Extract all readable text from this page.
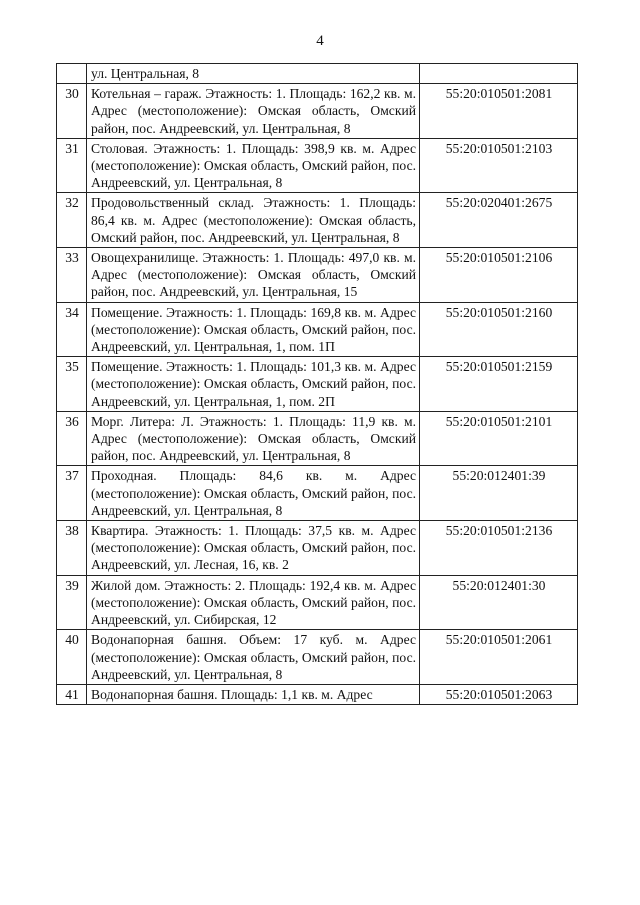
4
	ул. Центральная, 8	
30	Котельная – гараж. Этажность: 1. Площадь: 162,2 кв. м. Адрес (местоположение): Омская область, Омский район, пос. Андреевский, ул. Центральная, 8	55:20:010501:2081
31	Столовая. Этажность: 1. Площадь: 398,9 кв. м. Адрес (местоположение): Омская область, Омский район, пос. Андреевский, ул. Центральная, 8	55:20:010501:2103
32	Продовольственный склад. Этажность: 1. Площадь: 86,4 кв. м. Адрес (местоположение): Омская область, Омский район, пос. Андреевский, ул. Центральная, 8	55:20:020401:2675
33	Овощехранилище. Этажность: 1. Площадь: 497,0 кв. м. Адрес (местоположение): Омская область, Омский район, пос. Андреевский, ул. Центральная, 15	55:20:010501:2106
34	Помещение. Этажность: 1. Площадь: 169,8 кв. м. Адрес (местоположение): Омская область, Омский район, пос. Андреевский, ул. Центральная, 1, пом. 1П	55:20:010501:2160
35	Помещение. Этажность: 1. Площадь: 101,3 кв. м. Адрес (местоположение): Омская область, Омский район, пос. Андреевский, ул. Центральная, 1, пом. 2П	55:20:010501:2159
36	Морг. Литера: Л. Этажность: 1. Площадь: 11,9 кв. м. Адрес (местоположение): Омская область, Омский район, пос. Андреевский, ул. Центральная, 8	55:20:010501:2101
37	Проходная. Площадь: 84,6 кв. м. Адрес (местоположение): Омская область, Омский район, пос. Андреевский, ул. Центральная, 8	55:20:012401:39
38	Квартира. Этажность: 1. Площадь: 37,5 кв. м. Адрес (местоположение): Омская область, Омский район, пос. Андреевский, ул. Лесная, 16, кв. 2	55:20:010501:2136
39	Жилой дом. Этажность: 2. Площадь: 192,4 кв. м. Адрес (местоположение): Омская область, Омский район, пос. Андреевский, ул. Сибирская, 12	55:20:012401:30
40	Водонапорная башня. Объем: 17 куб. м. Адрес (местоположение): Омская область, Омский район, пос. Андреевский, ул. Центральная, 8	55:20:010501:2061
41	Водонапорная башня. Площадь: 1,1 кв. м. Адрес	55:20:010501:2063
